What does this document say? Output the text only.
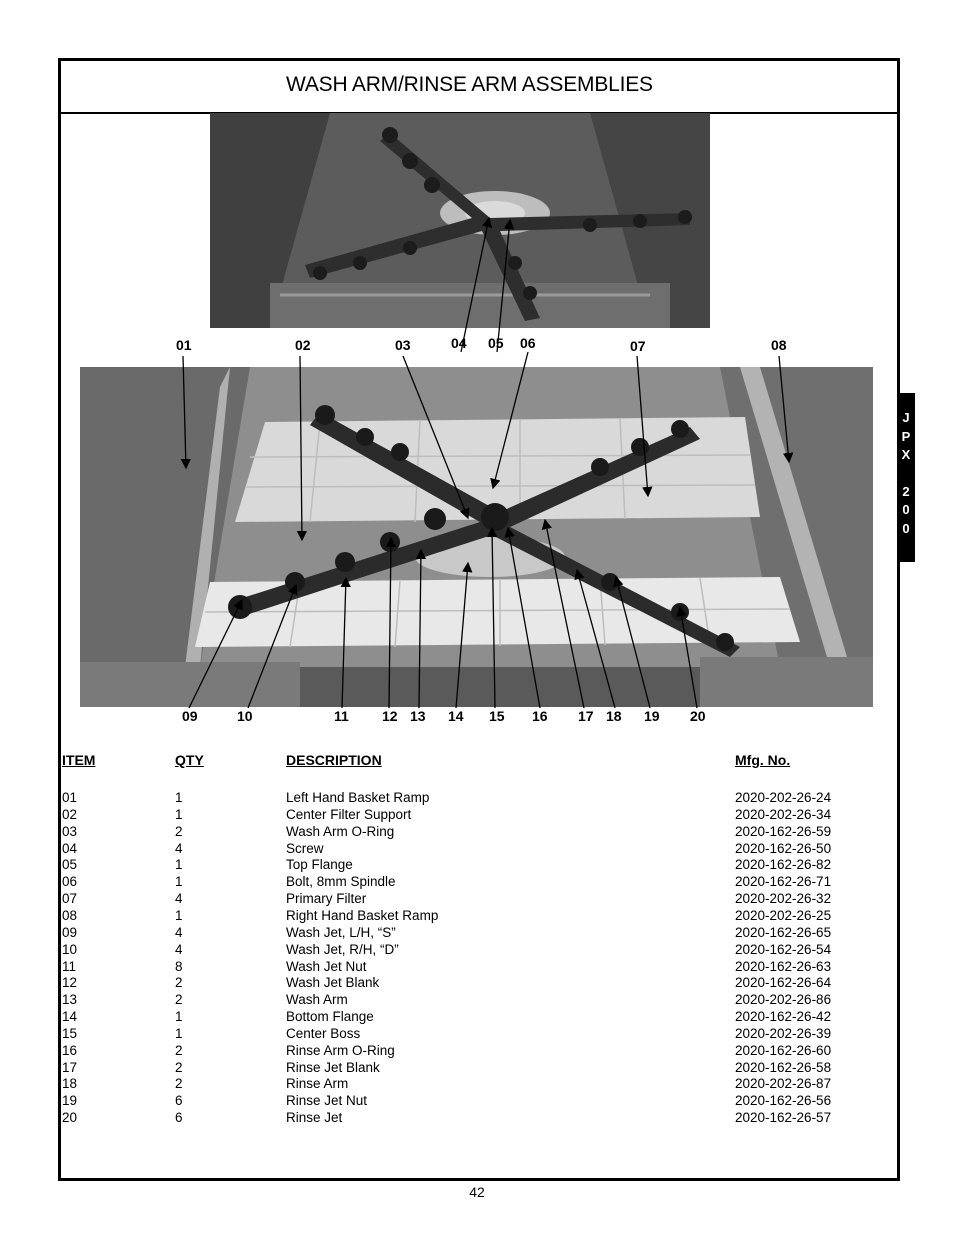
WASH ARM/RINSE ARM ASSEMBLIES
01	02	03	04 05 06	07	08
09	10	11 12 13 14 15 16 17 18 19 20
J
P
X
2
0
0
ITEM	QTY	DESCRIPTION	Mfg. No.
01	1	Left Hand Basket Ramp	2020-202-26-24
02	1	Center Filter Support	2020-202-26-34
03	2	Wash Arm O-Ring	2020-162-26-59
04	4	Screw	2020-162-26-50
05	1	Top Flange	2020-162-26-82
06	1	Bolt, 8mm Spindle	2020-162-26-71
07	4	Primary Filter	2020-202-26-32
08	1	Right Hand Basket Ramp	2020-202-26-25
09	4	Wash Jet, L/H, “S”	2020-162-26-65
10	4	Wash Jet, R/H, “D”	2020-162-26-54
11	8	Wash Jet Nut	2020-162-26-63
12	2	Wash Jet Blank	2020-162-26-64
13	2	Wash Arm	2020-202-26-86
14	1	Bottom Flange	2020-162-26-42
15	1	Center Boss	2020-202-26-39
16	2	Rinse Arm O-Ring	2020-162-26-60
17	2	Rinse Jet Blank	2020-162-26-58
18	2	Rinse Arm	2020-202-26-87
19	6	Rinse Jet Nut	2020-162-26-56
20	6	Rinse Jet	2020-162-26-57
42
